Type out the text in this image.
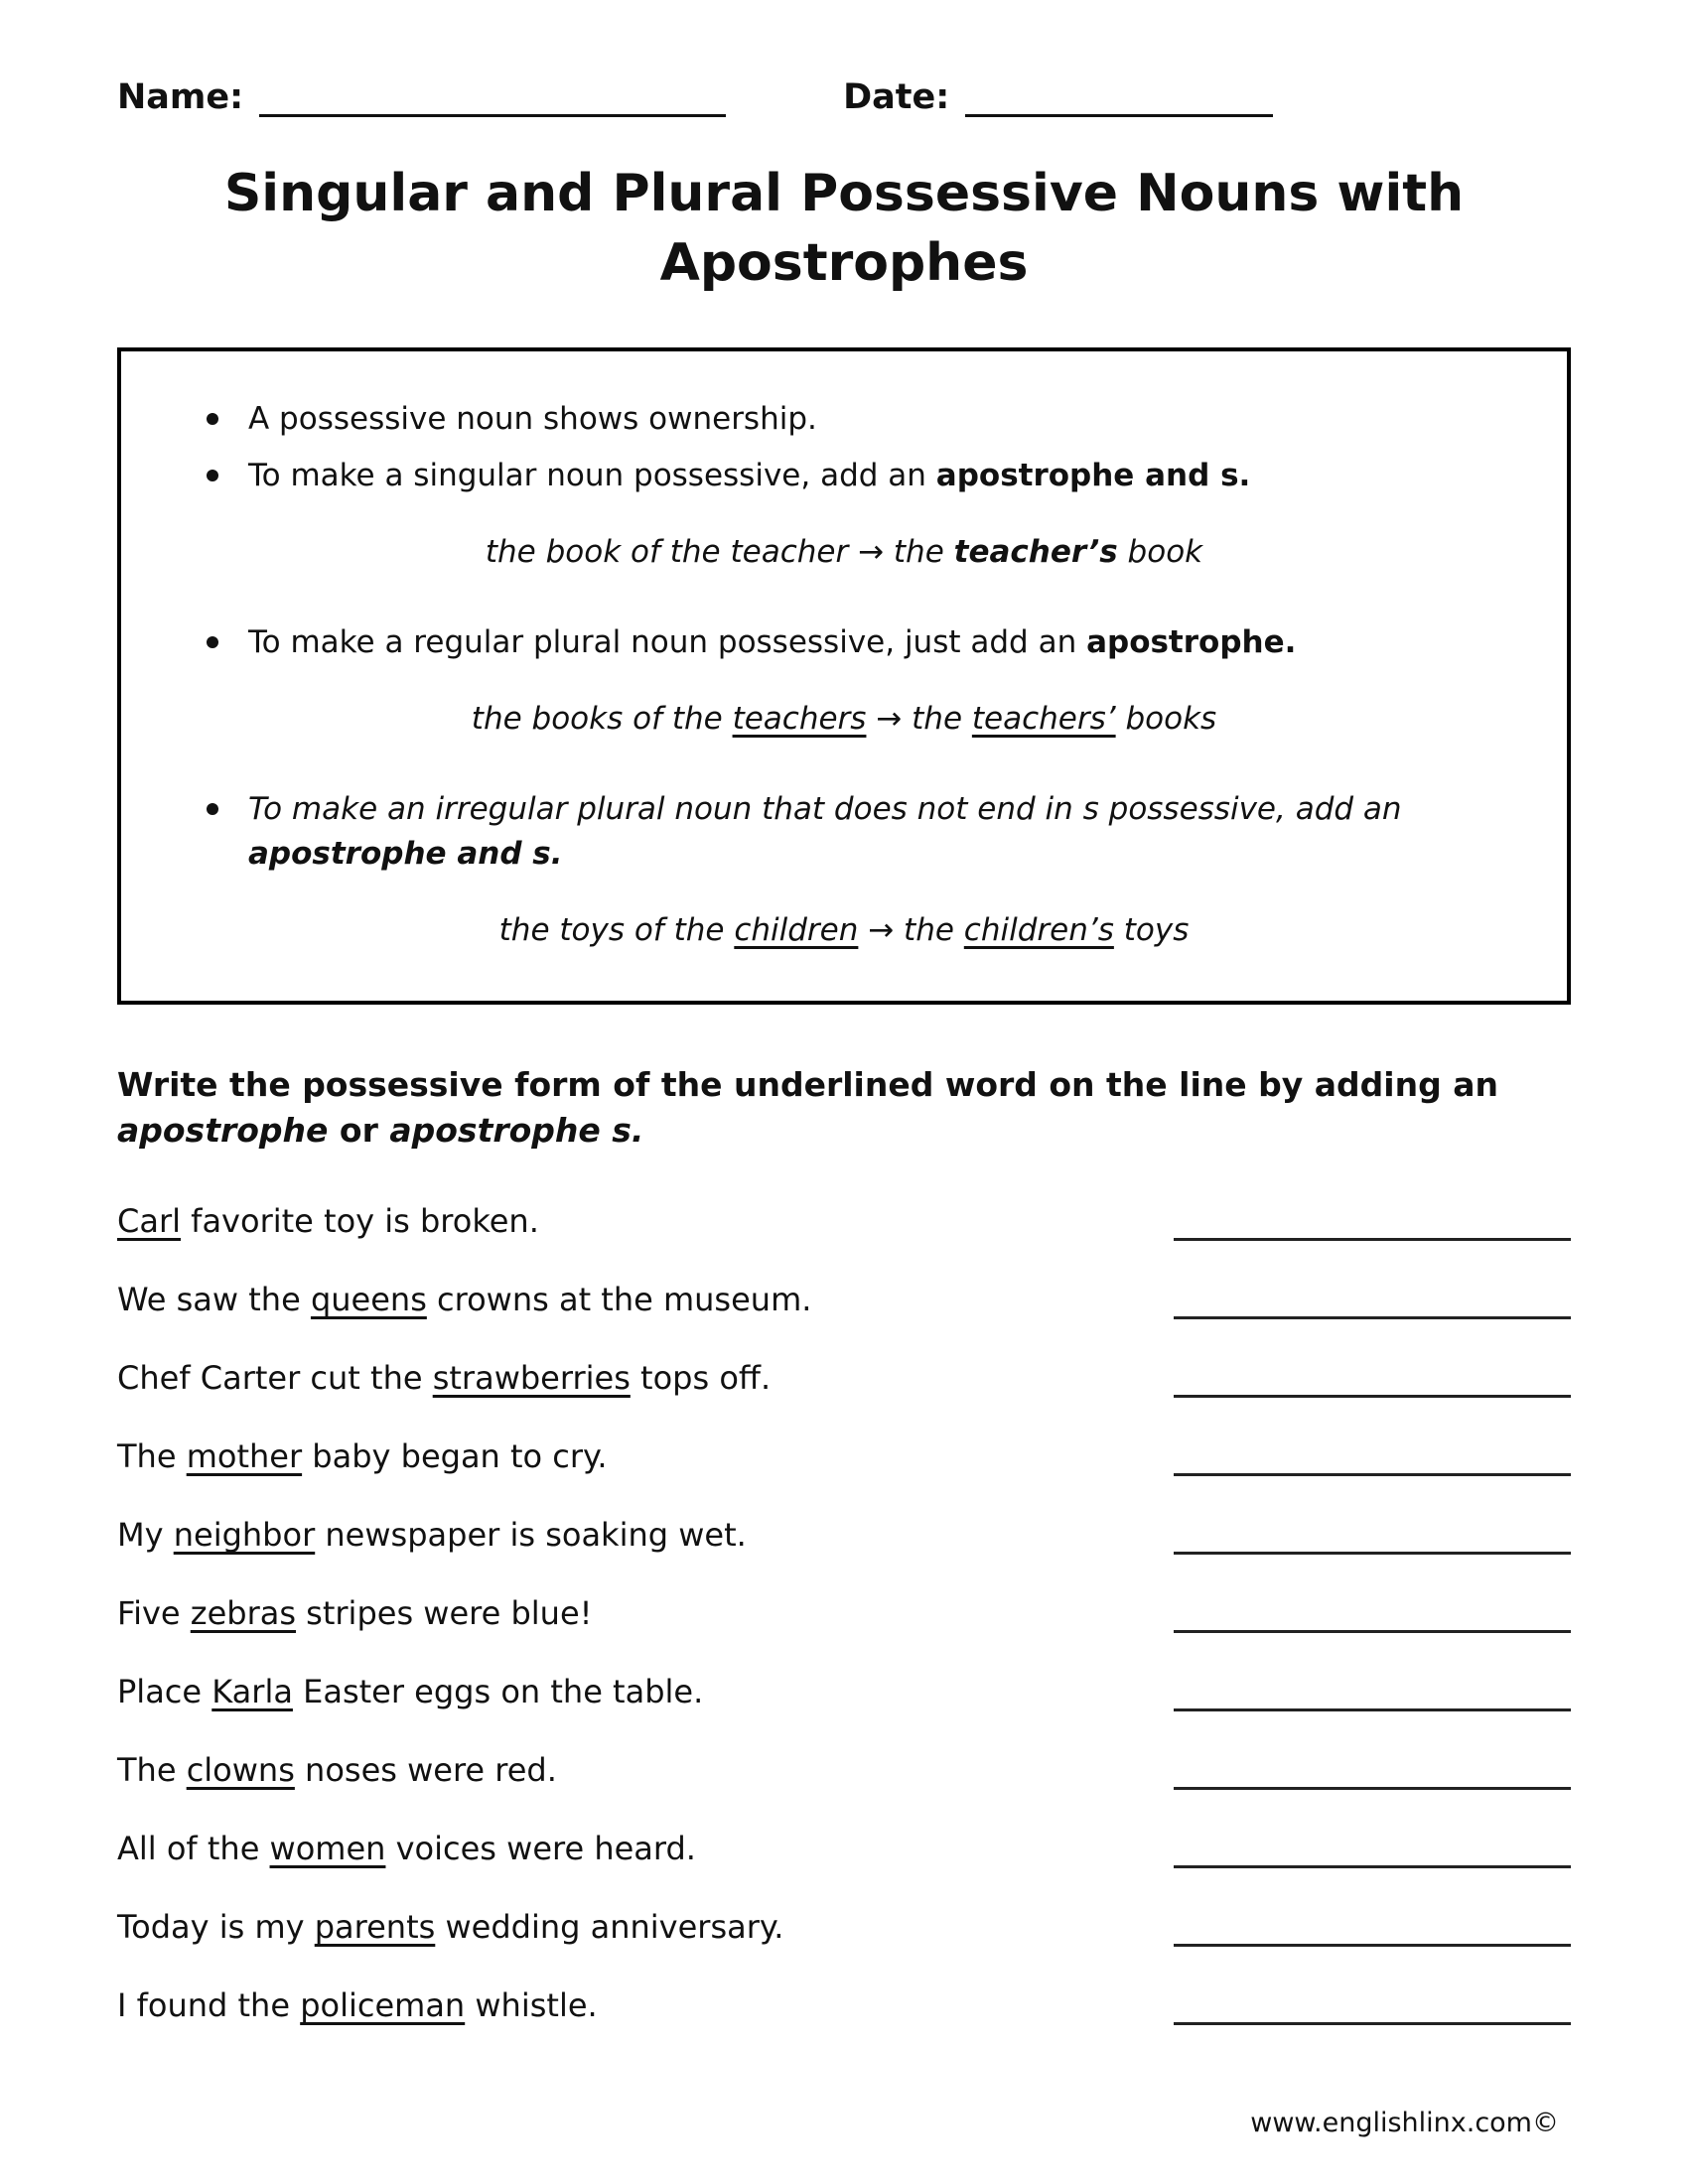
Name:	Date:
Singular and Plural Possessive Nouns with
Apostrophes
A possessive noun shows ownership.
To make a singular noun possessive, add an apostrophe and s.
the book of the teacher → the teacher’s book
To make a regular plural noun possessive, just add an apostrophe.
the books of the teachers → the teachers’ books
To make an irregular plural noun that does not end in s possessive, add an apostrophe and s.
the toys of the children → the children’s toys
Write the possessive form of the underlined word on the line by adding an apostrophe or apostrophe s.
Carl favorite toy is broken.
We saw the queens crowns at the museum.
Chef Carter cut the strawberries tops off.
The mother baby began to cry.
My neighbor newspaper is soaking wet.
Five zebras stripes were blue!
Place Karla Easter eggs on the table.
The clowns noses were red.
All of the women voices were heard.
Today is my parents wedding anniversary.
I found the policeman whistle.
www.englishlinx.com©
